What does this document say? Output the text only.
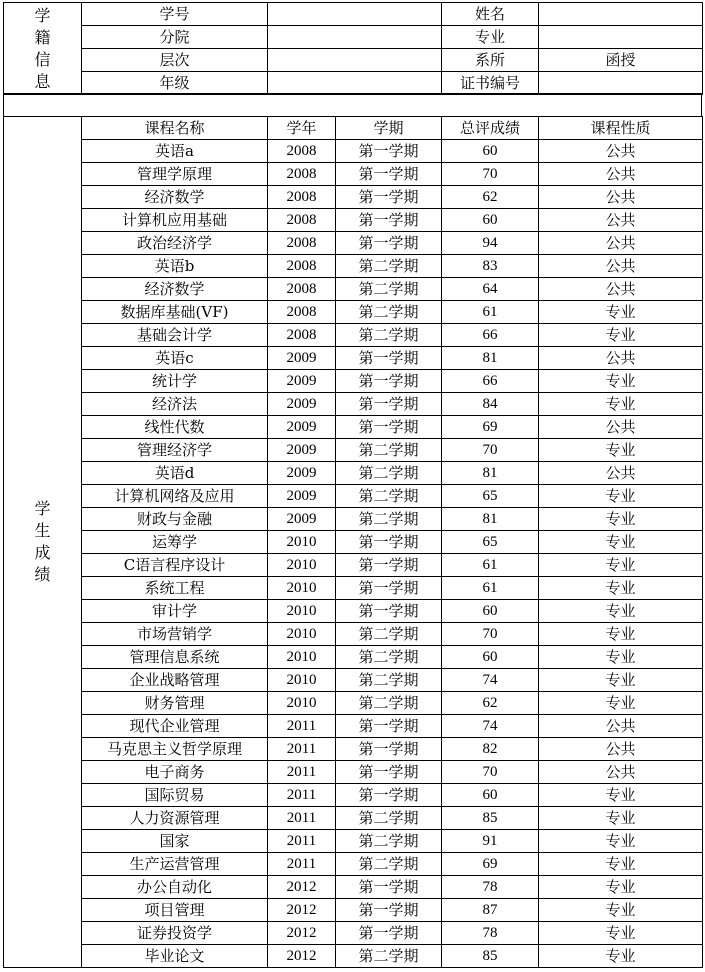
学
籍
信
息	学号		姓名	
	分院		专业	
	层次		系所	函授
	年级		证书编号	
学
生
成
绩	课程名称	学年	学期	总评成绩	课程性质
	英语a	2008	第一学期	60	公共
	管理学原理	2008	第一学期	70	公共
	经济数学	2008	第一学期	62	公共
	计算机应用基础	2008	第一学期	60	公共
	政治经济学	2008	第一学期	94	公共
	英语b	2008	第二学期	83	公共
	经济数学	2008	第二学期	64	公共
	数据库基础(VF)	2008	第二学期	61	专业
	基础会计学	2008	第二学期	66	专业
	英语c	2009	第一学期	81	公共
	统计学	2009	第一学期	66	专业
	经济法	2009	第一学期	84	专业
	线性代数	2009	第一学期	69	公共
	管理经济学	2009	第二学期	70	专业
	英语d	2009	第二学期	81	公共
	计算机网络及应用	2009	第二学期	65	专业
	财政与金融	2009	第二学期	81	专业
	运筹学	2010	第一学期	65	专业
	C语言程序设计	2010	第一学期	61	专业
	系统工程	2010	第一学期	61	专业
	审计学	2010	第一学期	60	专业
	市场营销学	2010	第二学期	70	专业
	管理信息系统	2010	第二学期	60	专业
	企业战略管理	2010	第二学期	74	专业
	财务管理	2010	第二学期	62	专业
	现代企业管理	2011	第一学期	74	公共
	马克思主义哲学原理	2011	第一学期	82	公共
	电子商务	2011	第一学期	70	公共
	国际贸易	2011	第一学期	60	专业
	人力资源管理	2011	第二学期	85	专业
	国家	2011	第二学期	91	专业
	生产运营管理	2011	第二学期	69	专业
	办公自动化	2012	第一学期	78	专业
	项目管理	2012	第一学期	87	专业
	证券投资学	2012	第一学期	78	专业
	毕业论文	2012	第二学期	85	专业
